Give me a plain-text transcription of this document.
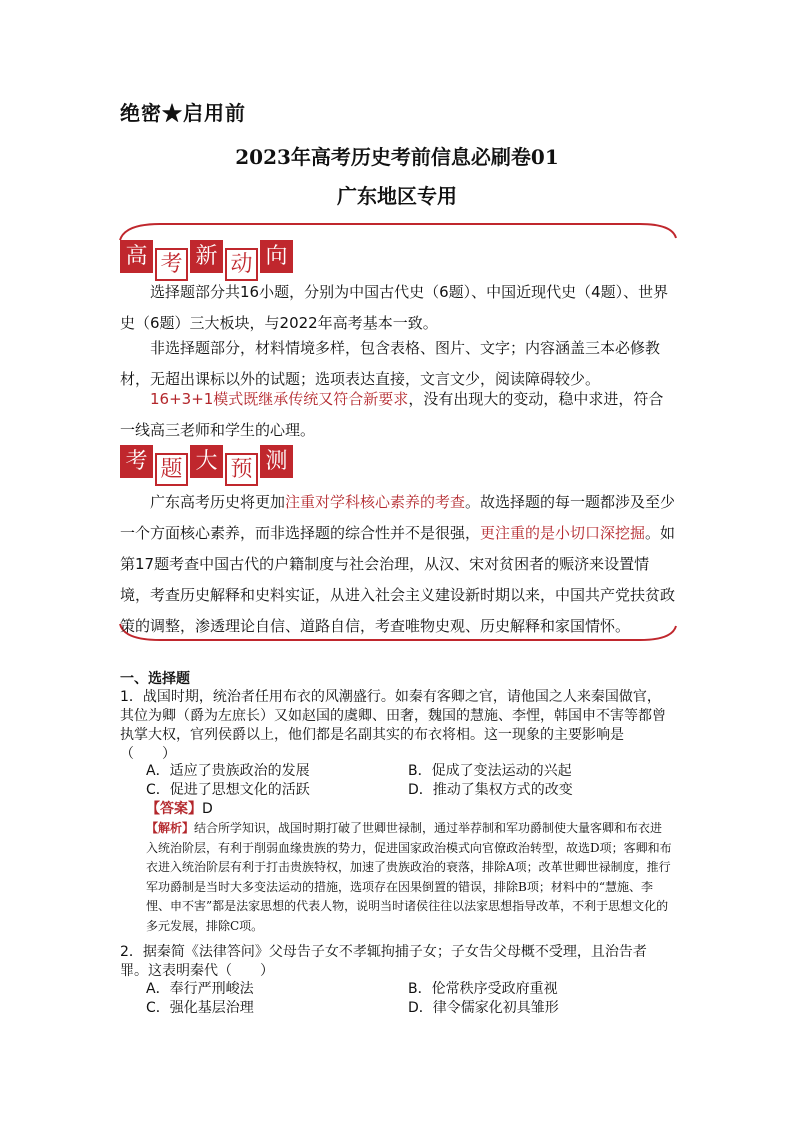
绝密★启用前
2023年高考历史考前信息必刷卷01
广东地区专用
高 考 新 动 向
选择题部分共16小题，分别为中国古代史（6题）、中国近现代史（4题）、世界史（6题）三大板块，与2022年高考基本一致。
非选择题部分，材料情境多样，包含表格、图片、文字；内容涵盖三本必修教材，无超出课标以外的试题；选项表达直接，文言文少，阅读障碍较少。
16+3+1模式既继承传统又符合新要求，没有出现大的变动，稳中求进，符合一线高三老师和学生的心理。
考 题 大 预 测
广东高考历史将更加注重对学科核心素养的考查。故选择题的每一题都涉及至少一个方面核心素养，而非选择题的综合性并不是很强，更注重的是小切口深挖掘。如第17题考查中国古代的户籍制度与社会治理，从汉、宋对贫困者的赈济来设置情境，考查历史解释和史料实证，从进入社会主义建设新时期以来，中国共产党扶贫政策的调整，渗透理论自信、道路自信，考查唯物史观、历史解释和家国情怀。
一、选择题
1．战国时期，统治者任用布衣的风潮盛行。如秦有客卿之官，请他国之人来秦国做官，其位为卿（爵为左庶长）又如赵国的虞卿、田奢，魏国的慧施、李悝，韩国申不害等都曾执掌大权，官列侯爵以上，他们都是名副其实的布衣将相。这一现象的主要影响是（　　）
A．适应了贵族政治的发展	B．促成了变法运动的兴起
C．促进了思想文化的活跃	D．推动了集权方式的改变
【答案】D
【解析】结合所学知识，战国时期打破了世卿世禄制，通过举荐制和军功爵制使大量客卿和布衣进入统治阶层，有利于削弱血缘贵族的势力，促进国家政治模式向官僚政治转型，故选D项；客卿和布衣进入统治阶层有利于打击贵族特权，加速了贵族政治的衰落，排除A项；改革世卿世禄制度，推行军功爵制是当时大多变法运动的措施，选项存在因果倒置的错误，排除B项；材料中的“慧施、李悝、申不害”都是法家思想的代表人物，说明当时诸侯往往以法家思想指导改革，不利于思想文化的多元发展，排除C项。
2．据秦简《法律答问》父母告子女不孝辄拘捕子女；子女告父母概不受理，且治告者罪。这表明秦代（　　）
A．奉行严刑峻法	B．伦常秩序受政府重视
C．强化基层治理	D．律令儒家化初具雏形
